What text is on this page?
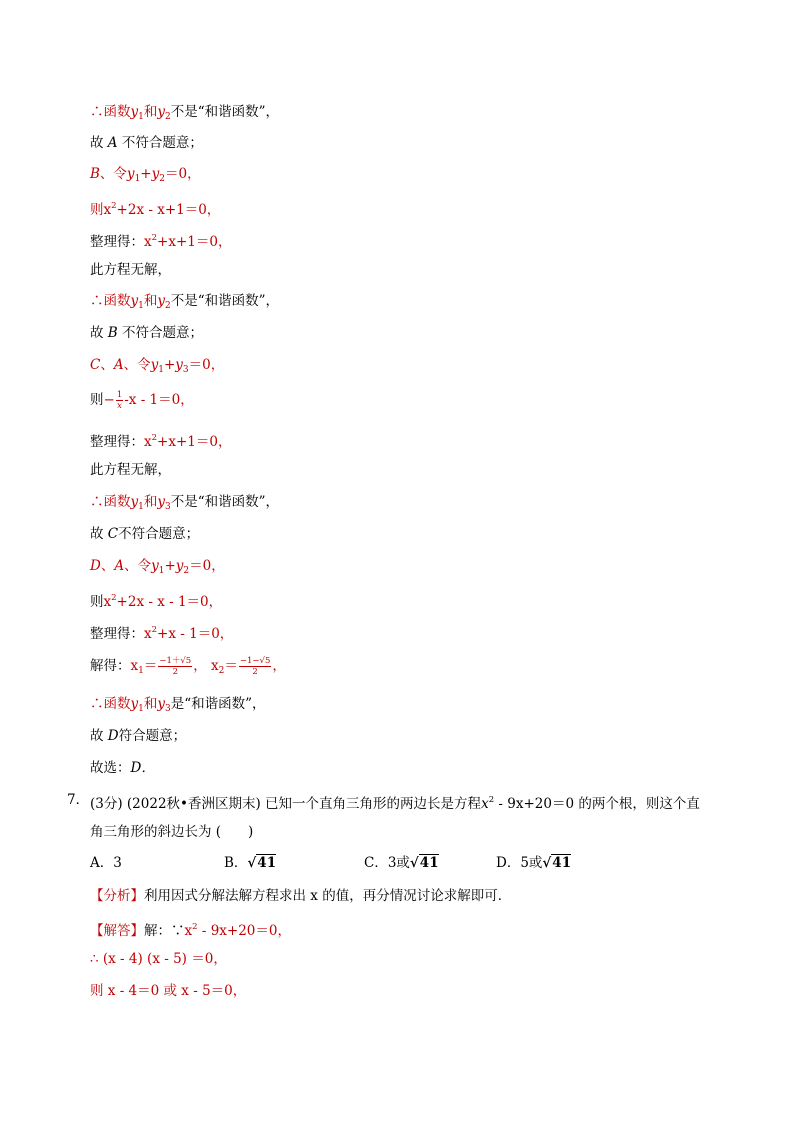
∴函数$y_1$和$y_2$不是“和谐函数”，
故 A 不符合题意；
B、令$y_1+y_2=0$，
则$x^2+2x - x+1=0$，
整理得：$x^2+x+1=0$，
此方程无解，
∴函数$y_1$和$y_2$不是“和谐函数”，
故 B 不符合题意；
C、A、令$y_1+y_3=0$，
则− $\frac{1}{x} -x - 1=0$，
整理得：$x^2+x+1=0$，
此方程无解，
∴函数$y_1$和$y_3$不是“和谐函数”，
故 C不符合题意；
D、A、令$y_1+y_2=0$，
则$x^2+2x - x - 1=0$，
整理得：$x^2+x - 1=0$，
解得：$x_1= \frac{-1+√5}{2}$ ， $x_2= \frac{-1-√5}{2}$ ，
∴函数$y_1$和$y_3$是“和谐函数”，
故 D符合题意；
故选：D．
7． (3分) (2022秋•香洲区期末) 已知一个直角三角形的两边长是方程$x^2 - 9x+20=0$ 的两个根，则这个直
角三角形的斜边长为 (　　)
A．3	B．√41	C．3或√41	D．5或√41
【分析】利用因式分解法解方程求出 x 的值，再分情况讨论求解即可．
【解答】解：$\because x^2 - 9x+20=0$，
∴ (x - 4) (x - 5) ＝0，
则 x - 4＝0 或 x - 5＝0，
